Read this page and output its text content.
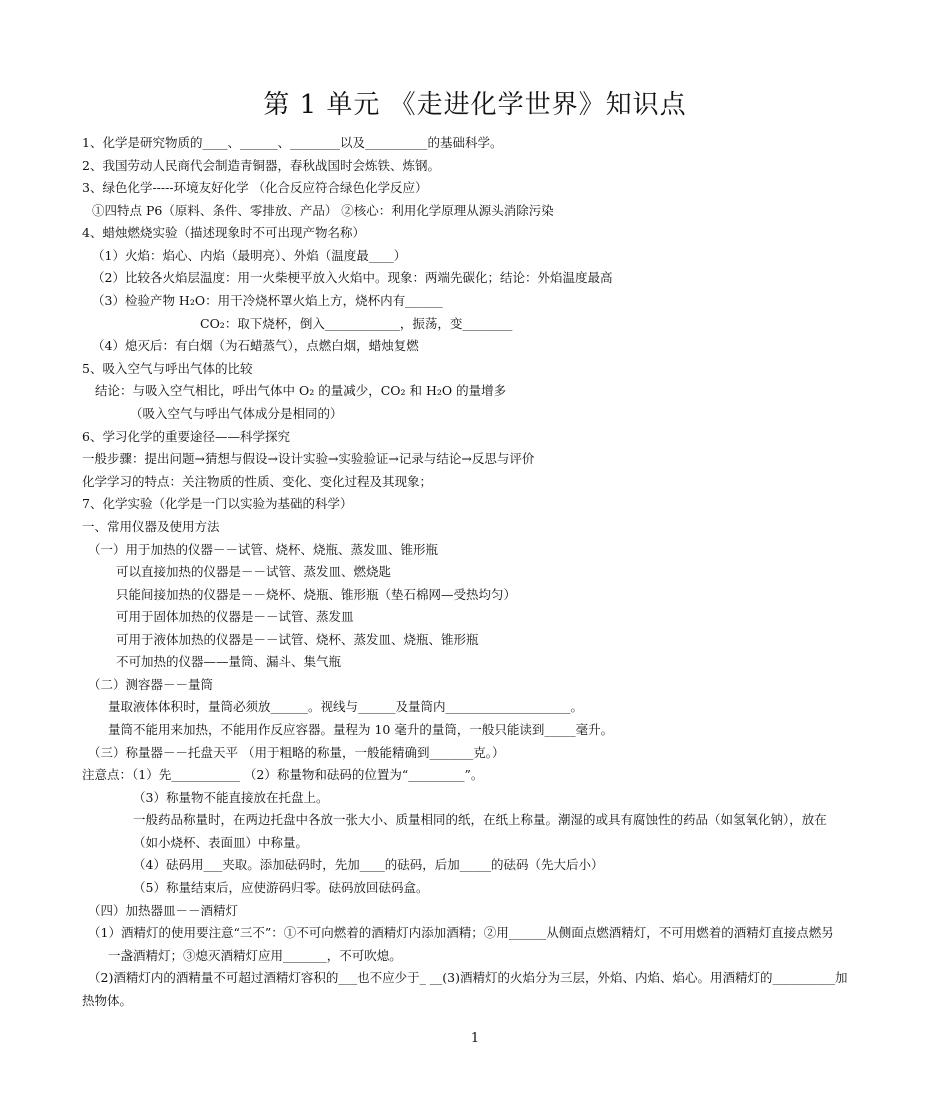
第 1 单元 《走进化学世界》知识点
1、化学是研究物质的____、______、________以及__________的基础科学。
2、我国劳动人民商代会制造青铜器，春秋战国时会炼铁、炼钢。
3、绿色化学-----环境友好化学 （化合反应符合绿色化学反应）
①四特点 P6（原料、条件、零排放、产品） ②核心：利用化学原理从源头消除污染
4、蜡烛燃烧实验（描述现象时不可出现产物名称）
（1）火焰：焰心、内焰（最明亮）、外焰（温度最____）
（2）比较各火焰层温度：用一火柴梗平放入火焰中。现象：两端先碳化；结论：外焰温度最高
（3）检验产物 H₂O：用干冷烧杯罩火焰上方，烧杯内有______
CO₂：取下烧杯，倒入____________，振荡，变________
（4）熄灭后：有白烟（为石蜡蒸气），点燃白烟，蜡烛复燃
5、吸入空气与呼出气体的比较
结论：与吸入空气相比，呼出气体中 O₂ 的量减少，CO₂ 和 H₂O 的量增多
（吸入空气与呼出气体成分是相同的）
6、学习化学的重要途径——科学探究
一般步骤：提出问题→猜想与假设→设计实验→实验验证→记录与结论→反思与评价
化学学习的特点：关注物质的性质、变化、变化过程及其现象；
7、化学实验（化学是一门以实验为基础的科学）
一、常用仪器及使用方法
（一）用于加热的仪器－－试管、烧杯、烧瓶、蒸发皿、锥形瓶
可以直接加热的仪器是－－试管、蒸发皿、燃烧匙
只能间接加热的仪器是－－烧杯、烧瓶、锥形瓶（垫石棉网—受热均匀）
可用于固体加热的仪器是－－试管、蒸发皿
可用于液体加热的仪器是－－试管、烧杯、蒸发皿、烧瓶、锥形瓶
不可加热的仪器——量筒、漏斗、集气瓶
（二）测容器－－量筒
量取液体体积时，量筒必须放______。视线与______及量筒内____________________。
量筒不能用来加热，不能用作反应容器。量程为 10 毫升的量筒，一般只能读到_____毫升。
（三）称量器－－托盘天平 （用于粗略的称量，一般能精确到_______克。）
注意点：（1）先___________ （2）称量物和砝码的位置为“_________”。
（3）称量物不能直接放在托盘上。
一般药品称量时，在两边托盘中各放一张大小、质量相同的纸，在纸上称量。潮湿的或具有腐蚀性的药品（如氢氧化钠），放在
（如小烧杯、表面皿）中称量。
（4）砝码用___夹取。添加砝码时，先加____的砝码，后加_____的砝码（先大后小）
（5）称量结束后，应使游码归零。砝码放回砝码盒。
（四）加热器皿－－酒精灯
（1）酒精灯的使用要注意“三不”：①不可向燃着的酒精灯内添加酒精；②用______从侧面点燃酒精灯，不可用燃着的酒精灯直接点燃另
一盏酒精灯；③熄灭酒精灯应用_______，不可吹熄。
（2)酒精灯内的酒精量不可超过酒精灯容积的___也不应少于_ __(3)酒精灯的火焰分为三层，外焰、内焰、焰心。用酒精灯的__________加
热物体。
1
